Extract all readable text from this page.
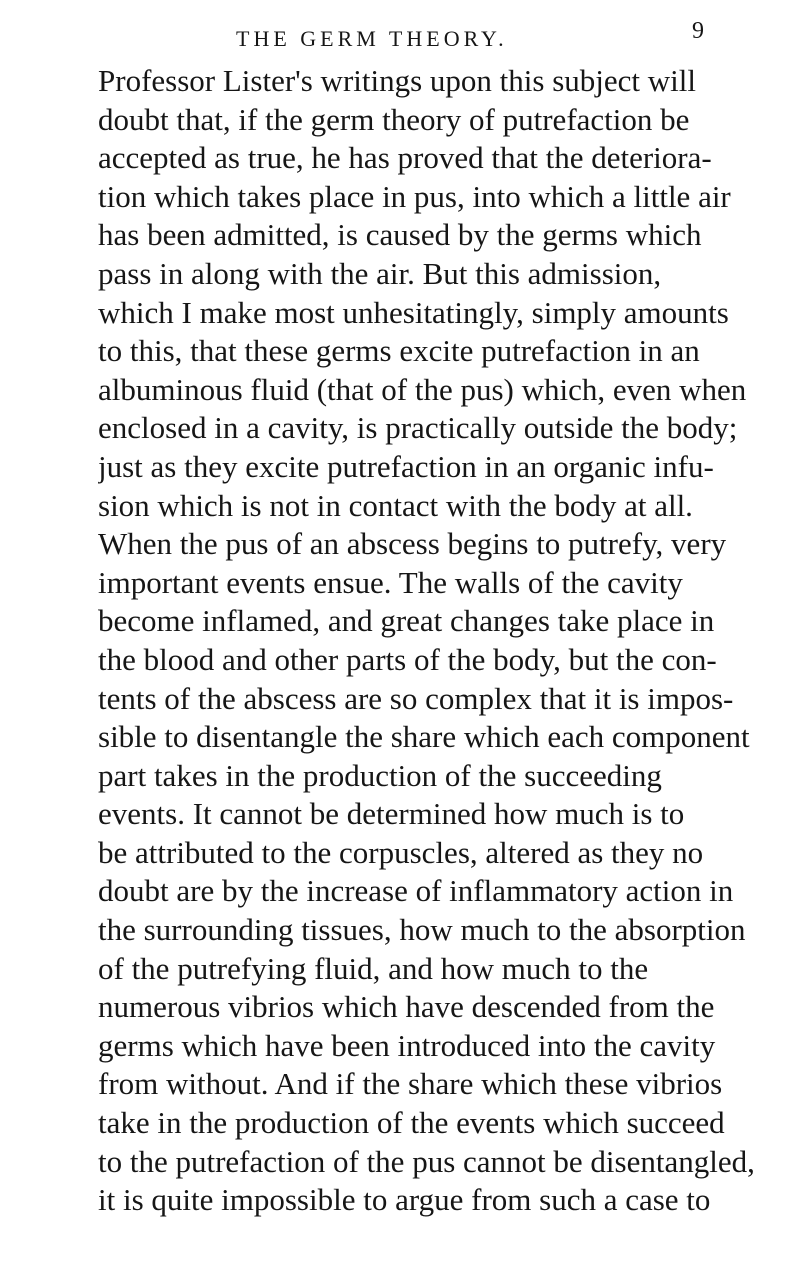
THE GERM THEORY.	9
Professor Lister's writings upon this subject will
doubt that, if the germ theory of putrefaction be
accepted as true, he has proved that the deteriora-
tion which takes place in pus, into which a little air
has been admitted, is caused by the germs which
pass in along with the air. But this admission,
which I make most unhesitatingly, simply amounts
to this, that these germs excite putrefaction in an
albuminous fluid (that of the pus) which, even when
enclosed in a cavity, is practically outside the body;
just as they excite putrefaction in an organic infu-
sion which is not in contact with the body at all.
When the pus of an abscess begins to putrefy, very
important events ensue. The walls of the cavity
become inflamed, and great changes take place in
the blood and other parts of the body, but the con-
tents of the abscess are so complex that it is impos-
sible to disentangle the share which each component
part takes in the production of the succeeding
events. It cannot be determined how much is to
be attributed to the corpuscles, altered as they no
doubt are by the increase of inflammatory action in
the surrounding tissues, how much to the absorption
of the putrefying fluid, and how much to the
numerous vibrios which have descended from the
germs which have been introduced into the cavity
from without. And if the share which these vibrios
take in the production of the events which succeed
to the putrefaction of the pus cannot be disentangled,
it is quite impossible to argue from such a case to
